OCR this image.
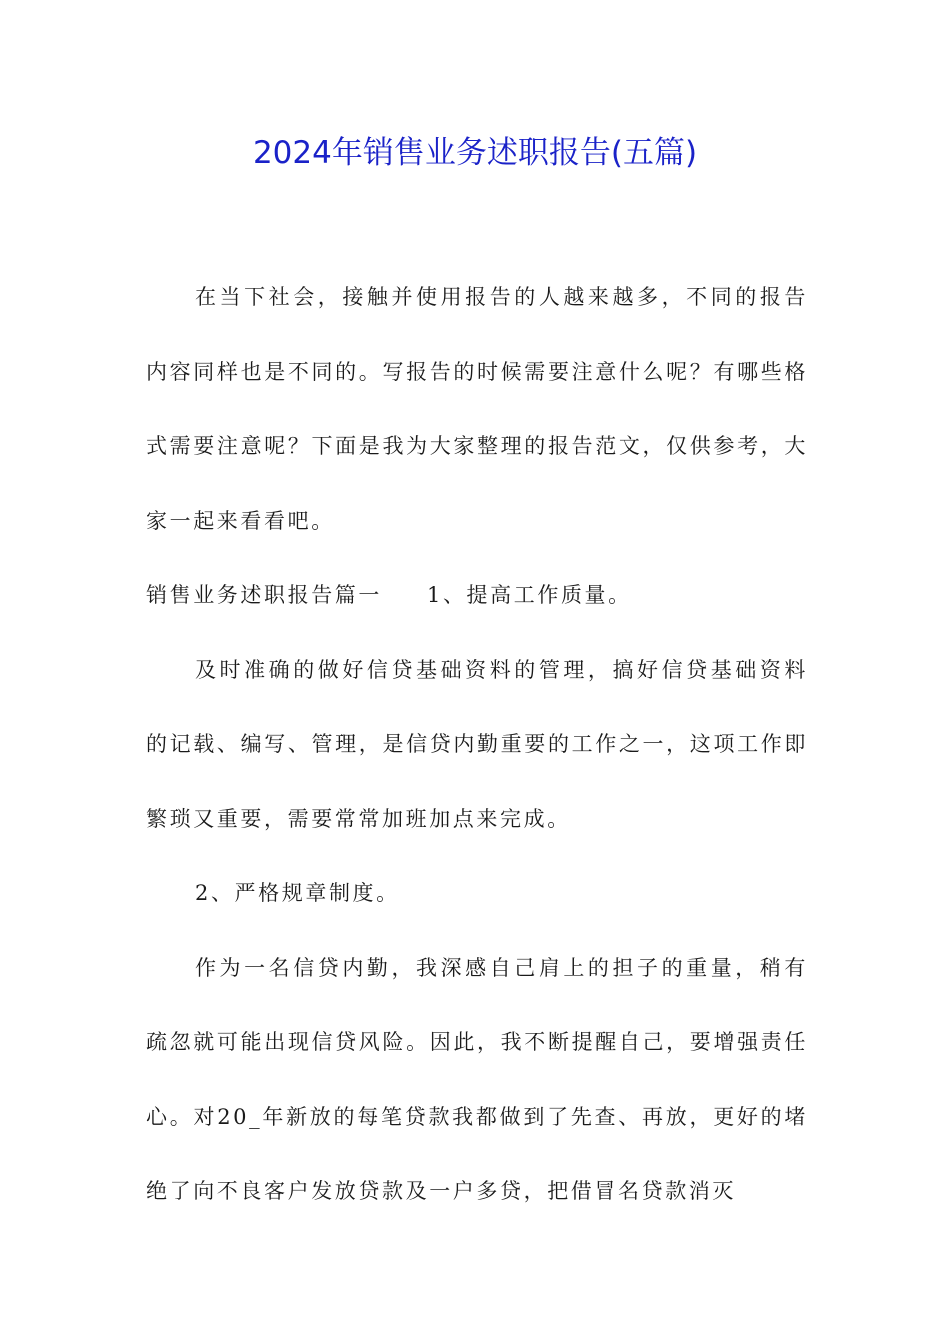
2024年销售业务述职报告(五篇)

在当下社会，接触并使用报告的人越来越多，不同的报告内容同样也是不同的。写报告的时候需要注意什么呢？有哪些格式需要注意呢？下面是我为大家整理的报告范文，仅供参考，大家一起来看看吧。

销售业务述职报告篇一 1、提高工作质量。

及时准确的做好信贷基础资料的管理，搞好信贷基础资料的记载、编写、管理，是信贷内勤重要的工作之一，这项工作即繁琐又重要，需要常常加班加点来完成。

2、严格规章制度。

作为一名信贷内勤，我深感自己肩上的担子的重量，稍有疏忽就可能出现信贷风险。因此，我不断提醒自己，要增强责任心。对20_年新放的每笔贷款我都做到了先查、再放，更好的堵绝了向不良客户发放贷款及一户多贷，把借冒名贷款消灭
